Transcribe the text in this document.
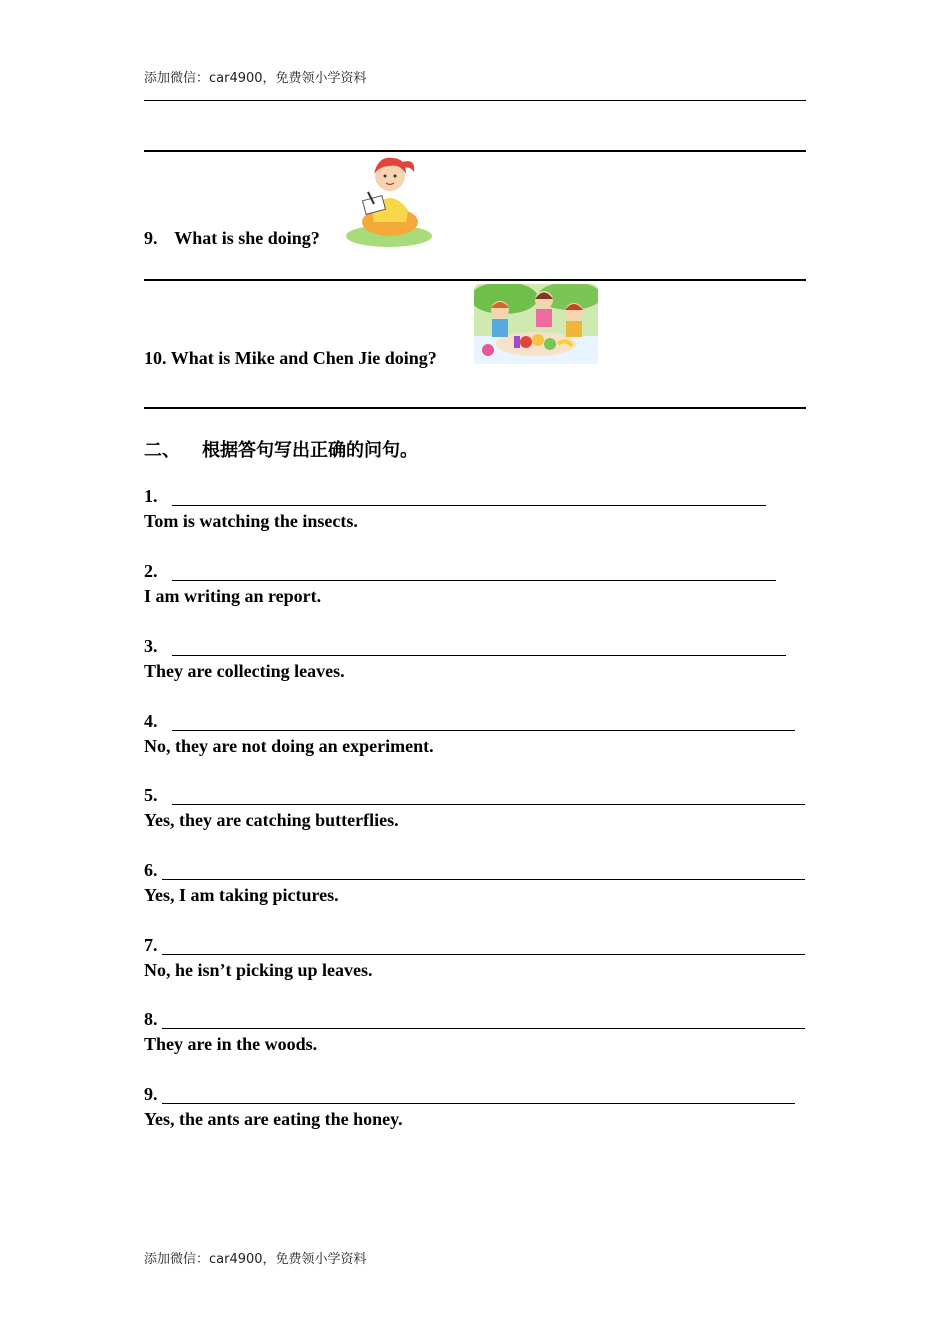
添加微信：car4900，免费领小学资料
9. What is she doing?
10. What is Mike and Chen Jie doing?
二、 根据答句写出正确的问句。
1.
Tom is watching the insects.
2.
I am writing an report.
3.
They are collecting leaves.
4.
No, they are not doing an experiment.
5.
Yes, they are catching butterflies.
6.
Yes, I am taking pictures.
7.
No, he isn’t picking up leaves.
8.
They are in the woods.
9.
Yes, the ants are eating the honey.
添加微信：car4900，免费领小学资料
